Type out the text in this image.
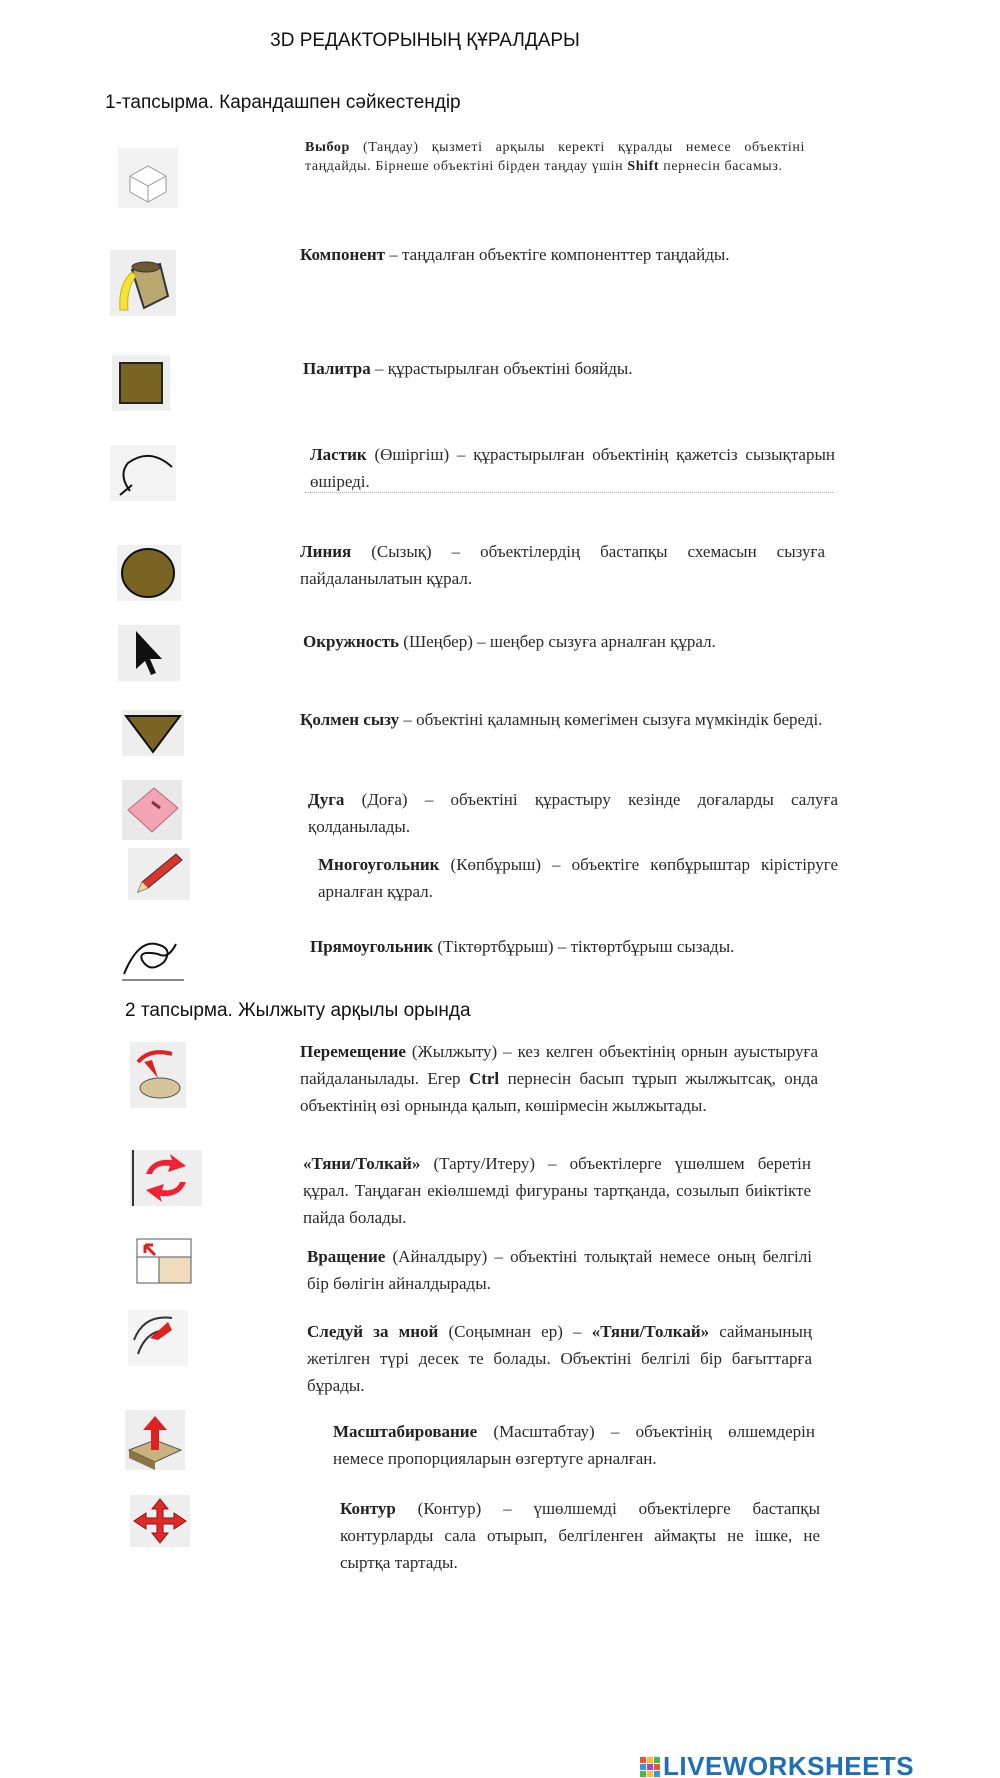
3D РЕДАКТОРЫНЫҢ ҚҰРАЛДАРЫ
1-тапсырма. Карандашпен сәйкестендір
2 тапсырма. Жылжыту арқылы орында
Выбор (Таңдау) қызметі арқылы керекті құралды немесе объектіні таңдайды. Бірнеше объектіні бірден таңдау үшін Shift пернесін басамыз.
Компонент – таңдалған объектіге компоненттер таңдайды.
Палитра – құрастырылған объектіні бояйды.
Ластик (Өшіргіш) – құрастырылған объектінің қажетсіз сызықтарын өшіреді.
Линия (Сызық) – объектілердің бастапқы схемасын сызуға пайдаланылатын құрал.
Окружность (Шеңбер) – шеңбер сызуға арналған құрал.
Қолмен сызу – объектіні қаламның көмегімен сызуға мүмкіндік береді.
Дуга (Доға) – объектіні құрастыру кезінде доғаларды салуға қолданылады.
Многоугольник (Көпбұрыш) – объектіге көпбұрыштар кірістіруге арналған құрал.
Прямоугольник (Тіктөртбұрыш) – тіктөртбұрыш сызады.
Перемещение (Жылжыту) – кез келген объектінің орнын ауыстыруға пайдаланылады. Егер Ctrl пернесін басып тұрып жылжытсақ, онда объектінің өзі орнында қалып, көшірмесін жылжытады.
«Тяни/Толкай» (Тарту/Итеру) – объектілерге үшөлшем беретін құрал. Таңдаған екіөлшемді фигураны тартқанда, созылып биіктікте пайда болады.
Вращение (Айналдыру) – объектіні толықтай немесе оның белгілі бір бөлігін айналдырады.
Следуй за мной (Соңымнан ер) – «Тяни/Толкай» сайманының жетілген түрі десек те болады. Объектіні белгілі бір бағыттарға бұрады.
Масштабирование (Масштабтау) – объектінің өлшемдерін немесе пропорцияларын өзгертуге арналған.
Контур (Контур) – үшөлшемді объектілерге бастапқы контурларды сала отырып, белгіленген аймақты не ішке, не сыртқа тартады.
LIVEWORKSHEETS
